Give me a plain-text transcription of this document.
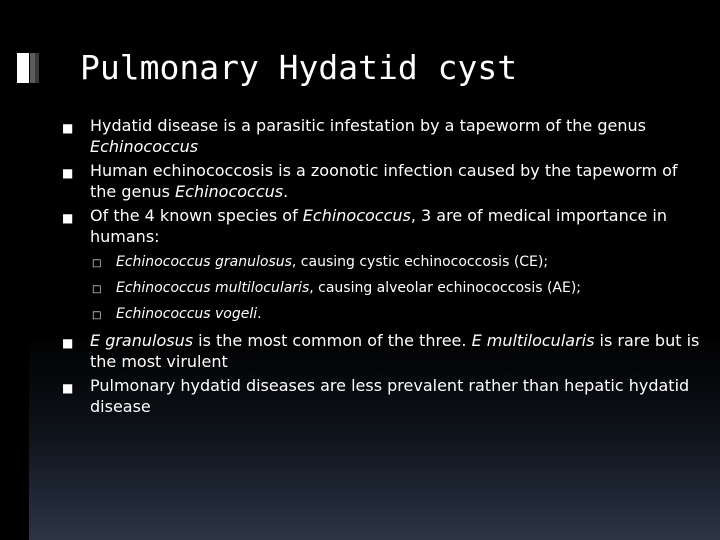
Pulmonary Hydatid cyst
■ Hydatid disease is a parasitic infestation by a tapeworm of the genus Echinococcus
■ Human echinococcosis is a zoonotic infection caused by the tapeworm of the genus Echinococcus.
■ Of the 4 known species of Echinococcus, 3 are of medical importance in humans:
□ Echinococcus granulosus, causing cystic echinococcosis (CE);
□ Echinococcus multilocularis, causing alveolar echinococcosis (AE);
□ Echinococcus vogeli.
■ E granulosus is the most common of the three. E multilocularis is rare but is the most virulent
■ Pulmonary hydatid diseases are less prevalent rather than hepatic hydatid disease
